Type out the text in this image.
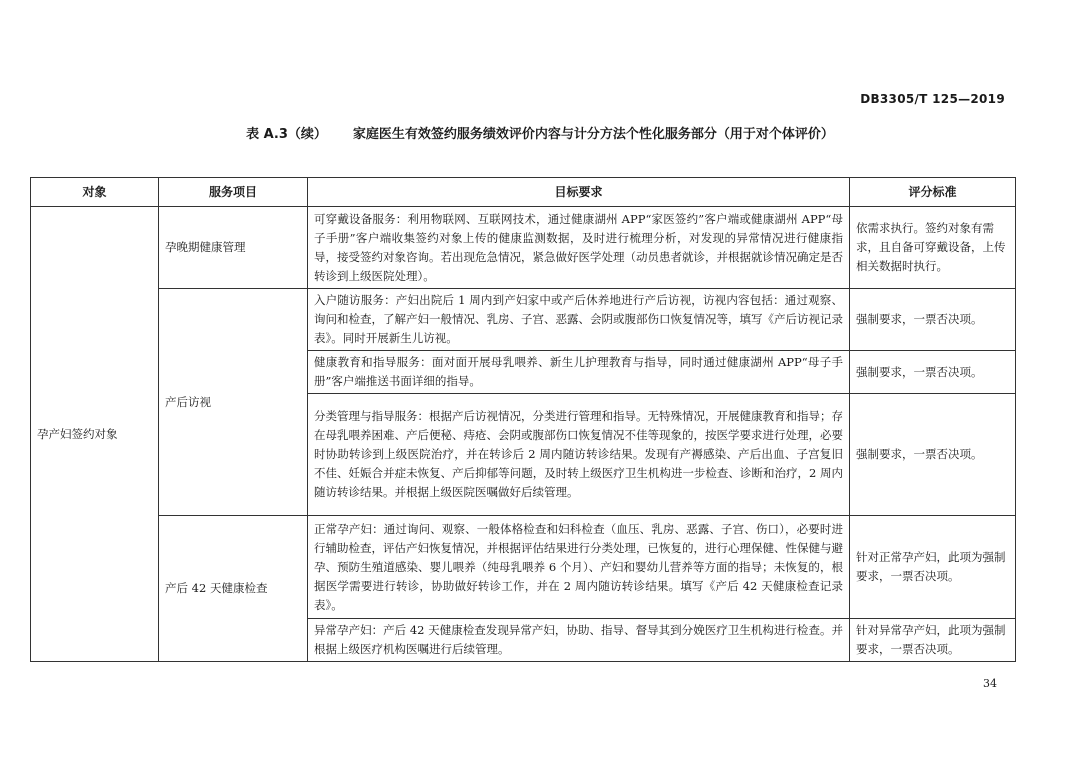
DB3305/T 125—2019
表 A.3（续） 家庭医生有效签约服务绩效评价内容与计分方法个性化服务部分（用于对个体评价）
对象	服务项目	目标要求	评分标准
孕产妇签约对象	孕晚期健康管理	可穿戴设备服务：利用物联网、互联网技术，通过健康湖州 APP“家医签约”客户端或健康湖州 APP“母子手册”客户端收集签约对象上传的健康监测数据，及时进行梳理分析，对发现的异常情况进行健康指导，接受签约对象咨询。若出现危急情况，紧急做好医学处理（动员患者就诊，并根据就诊情况确定是否转诊到上级医院处理）。	依需求执行。签约对象有需求，且自备可穿戴设备，上传相关数据时执行。
	产后访视	入户随访服务：产妇出院后 1 周内到产妇家中或产后休养地进行产后访视，访视内容包括：通过观察、询问和检查，了解产妇一般情况、乳房、子宫、恶露、会阴或腹部伤口恢复情况等，填写《产后访视记录表》。同时开展新生儿访视。	强制要求，一票否决项。
		健康教育和指导服务：面对面开展母乳喂养、新生儿护理教育与指导，同时通过健康湖州 APP“母子手册”客户端推送书面详细的指导。	强制要求，一票否决项。
		分类管理与指导服务：根据产后访视情况，分类进行管理和指导。无特殊情况，开展健康教育和指导；存在母乳喂养困难、产后便秘、痔疮、会阴或腹部伤口恢复情况不佳等现象的，按医学要求进行处理，必要时协助转诊到上级医院治疗，并在转诊后 2 周内随访转诊结果。发现有产褥感染、产后出血、子宫复旧不佳、妊娠合并症未恢复、产后抑郁等问题，及时转上级医疗卫生机构进一步检查、诊断和治疗，2 周内随访转诊结果。并根据上级医院医嘱做好后续管理。	强制要求，一票否决项。
	产后 42 天健康检查	正常孕产妇：通过询问、观察、一般体格检查和妇科检查（血压、乳房、恶露、子宫、伤口），必要时进行辅助检查，评估产妇恢复情况，并根据评估结果进行分类处理，已恢复的，进行心理保健、性保健与避孕、预防生殖道感染、婴儿喂养（纯母乳喂养 6 个月）、产妇和婴幼儿营养等方面的指导；未恢复的，根据医学需要进行转诊，协助做好转诊工作，并在 2 周内随访转诊结果。填写《产后 42 天健康检查记录表》。	针对正常孕产妇，此项为强制要求，一票否决项。
		异常孕产妇：产后 42 天健康检查发现异常产妇，协助、指导、督导其到分娩医疗卫生机构进行检查。并根据上级医疗机构医嘱进行后续管理。	针对异常孕产妇，此项为强制要求，一票否决项。
34
